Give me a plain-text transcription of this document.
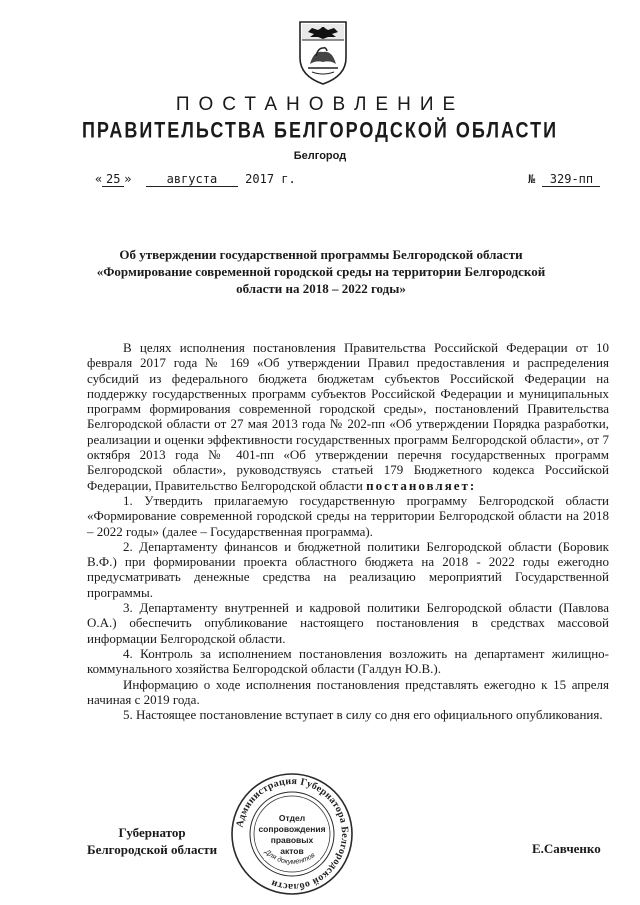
ПОСТАНОВЛЕНИЕ
ПРАВИТЕЛЬСТВА БЕЛГОРОДСКОЙ ОБЛАСТИ
Белгород
« 25 »	августа 2017 г.	№ 329-пп
Об утверждении государственной программы Белгородской области «Формирование современной городской среды на территории Белгородской области на 2018 – 2022 годы»

В целях исполнения постановления Правительства Российской Федерации от 10 февраля 2017 года № 169 «Об утверждении Правил предоставления и распределения субсидий из федерального бюджета бюджетам субъектов Российской Федерации на поддержку государственных программ субъектов Российской Федерации и муниципальных программ формирования современной городской среды», постановлений Правительства Белгородской области от 27 мая 2013 года № 202-пп «Об утверждении Порядка разработки, реализации и оценки эффективности государственных программ Белгородской области», от 7 октября 2013 года № 401-пп «Об утверждении перечня государственных программ Белгородской области», руководствуясь статьей 179 Бюджетного кодекса Российской Федерации, Правительство Белгородской области постановляет:

1. Утвердить прилагаемую государственную программу Белгородской области «Формирование современной городской среды на территории Белгородской области на 2018 – 2022 годы» (далее – Государственная программа).

2. Департаменту финансов и бюджетной политики Белгородской области (Боровик В.Ф.) при формировании проекта областного бюджета на 2018 - 2022 годы ежегодно предусматривать денежные средства на реализацию мероприятий Государственной программы.

3. Департаменту внутренней и кадровой политики Белгородской области (Павлова О.А.) обеспечить опубликование настоящего постановления в средствах массовой информации Белгородской области.

4. Контроль за исполнением постановления возложить на департамент жилищно-коммунального хозяйства Белгородской области (Галдун Ю.В.).

Информацию о ходе исполнения постановления представлять ежегодно к 15 апреля начиная с 2019 года.

5. Настоящее постановление вступает в силу со дня его официального опубликования.

Губернатор
Белгородской области	Е.Савченко
Администрация Губернатора Белгородской области
Отдел
сопровождения
правовых
актов
Для документов
